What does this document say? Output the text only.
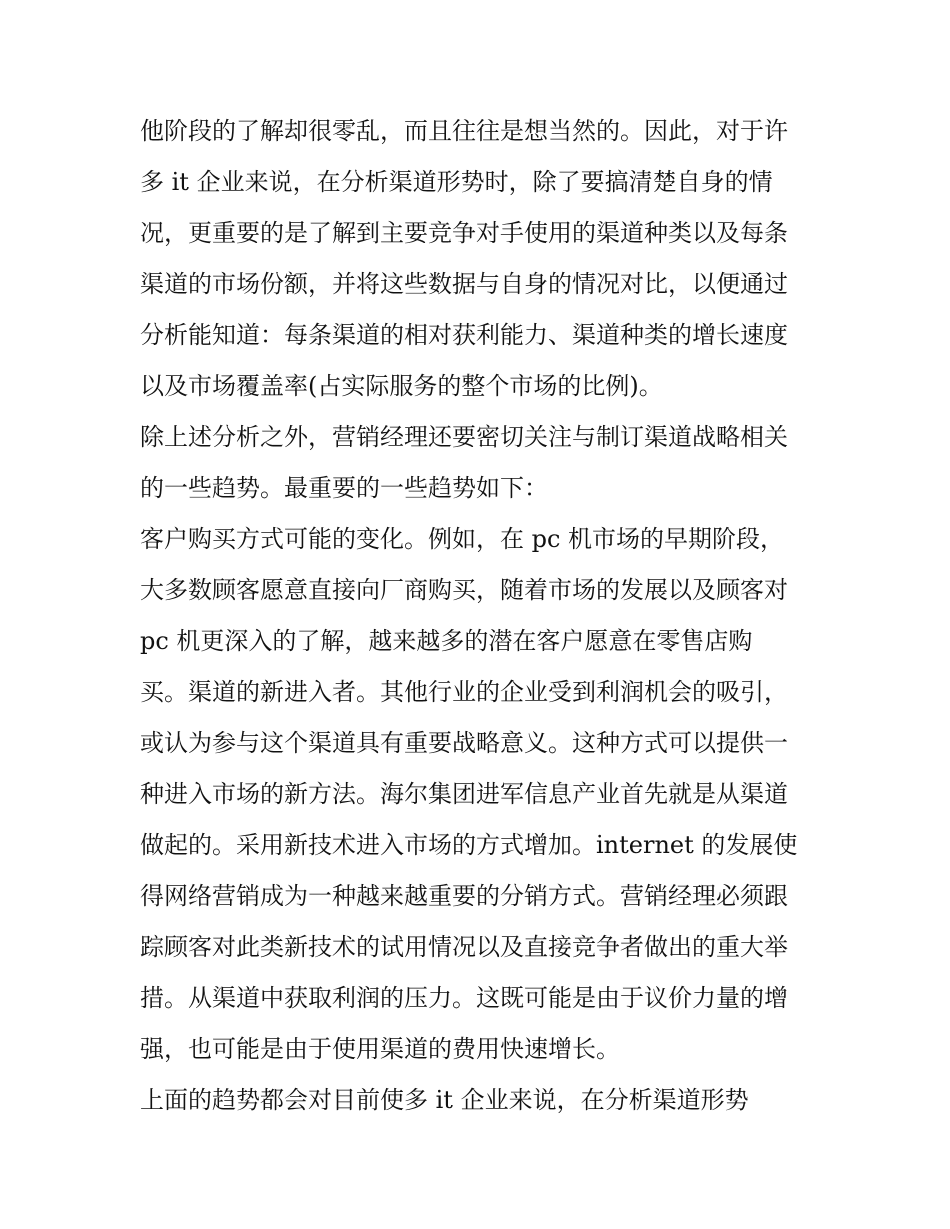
他阶段的了解却很零乱，而且往往是想当然的。因此，对于许
多 it 企业来说，在分析渠道形势时，除了要搞清楚自身的情
况，更重要的是了解到主要竞争对手使用的渠道种类以及每条
渠道的市场份额，并将这些数据与自身的情况对比，以便通过
分析能知道：每条渠道的相对获利能力、渠道种类的增长速度
以及市场覆盖率(占实际服务的整个市场的比例)。
除上述分析之外，营销经理还要密切关注与制订渠道战略相关
的一些趋势。最重要的一些趋势如下：
客户购买方式可能的变化。例如，在 pc 机市场的早期阶段，
大多数顾客愿意直接向厂商购买，随着市场的发展以及顾客对
pc 机更深入的了解，越来越多的潜在客户愿意在零售店购
买。渠道的新进入者。其他行业的企业受到利润机会的吸引，
或认为参与这个渠道具有重要战略意义。这种方式可以提供一
种进入市场的新方法。海尔集团进军信息产业首先就是从渠道
做起的。采用新技术进入市场的方式增加。internet 的发展使
得网络营销成为一种越来越重要的分销方式。营销经理必须跟
踪顾客对此类新技术的试用情况以及直接竞争者做出的重大举
措。从渠道中获取利润的压力。这既可能是由于议价力量的增
强，也可能是由于使用渠道的费用快速增长。
上面的趋势都会对目前使多 it 企业来说，在分析渠道形势
